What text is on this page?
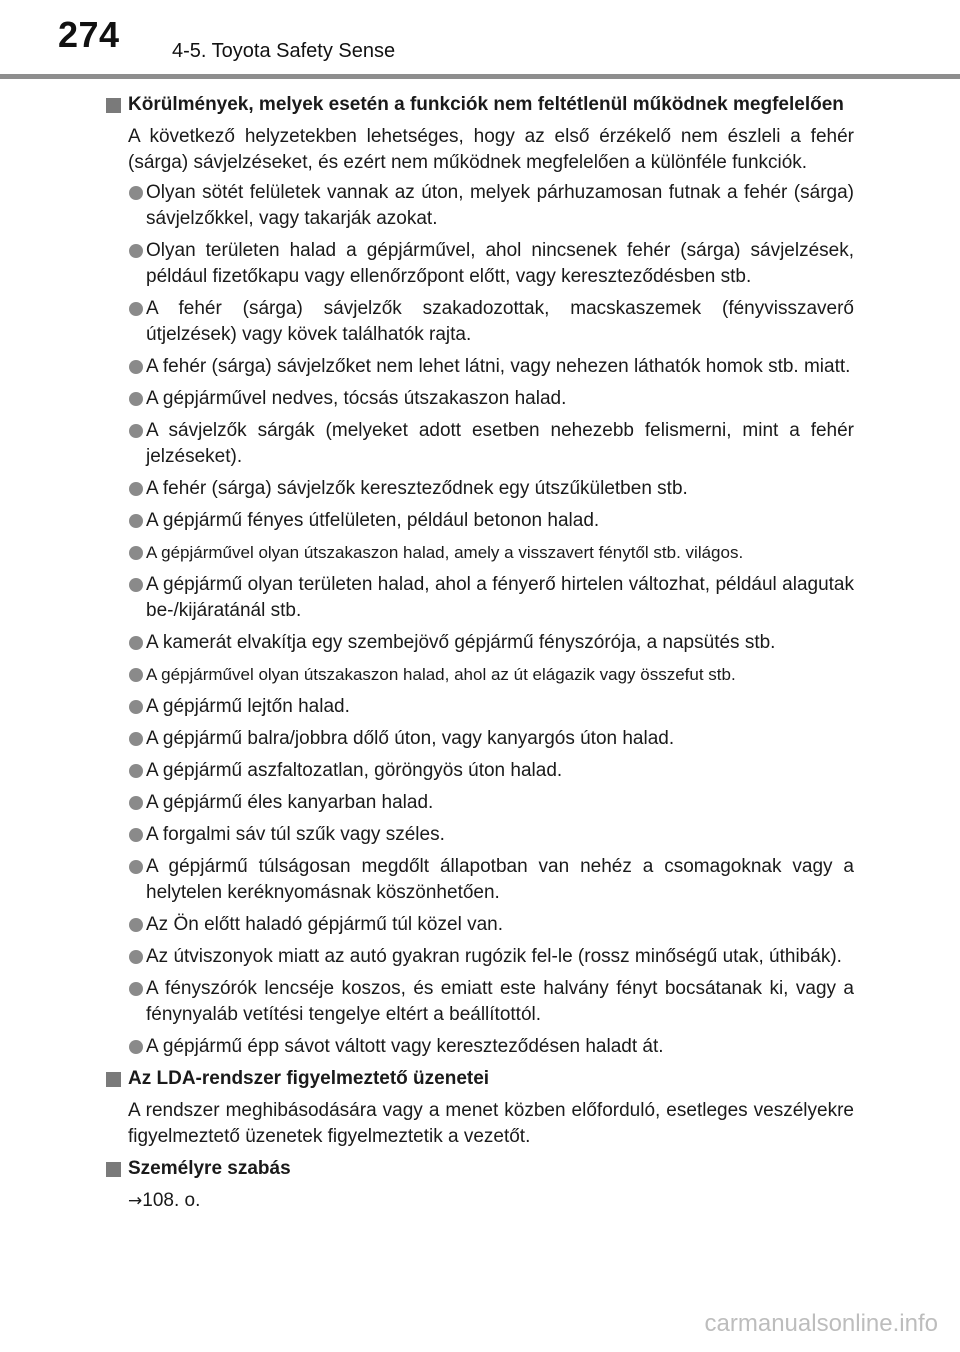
274	4-5. Toyota Safety Sense
Körülmények, melyek esetén a funkciók nem feltétlenül működnek megfelelően
A következő helyzetekben lehetséges, hogy az első érzékelő nem észleli a fehér (sárga) sávjelzéseket, és ezért nem működnek megfelelően a különféle funkciók.
Olyan sötét felületek vannak az úton, melyek párhuzamosan futnak a fehér (sárga) sávjelzőkkel, vagy takarják azokat.
Olyan területen halad a gépjárművel, ahol nincsenek fehér (sárga) sávjelzések, például fizetőkapu vagy ellenőrzőpont előtt, vagy kereszteződésben stb.
A fehér (sárga) sávjelzők szakadozottak, macskaszemek (fényvisszaverő útjelzések) vagy kövek találhatók rajta.
A fehér (sárga) sávjelzőket nem lehet látni, vagy nehezen láthatók homok stb. miatt.
A gépjárművel nedves, tócsás útszakaszon halad.
A sávjelzők sárgák (melyeket adott esetben nehezebb felismerni, mint a fehér jelzéseket).
A fehér (sárga) sávjelzők kereszteződnek egy útszűkületben stb.
A gépjármű fényes útfelületen, például betonon halad.
A gépjárművel olyan útszakaszon halad, amely a visszavert fénytől stb. világos.
A gépjármű olyan területen halad, ahol a fényerő hirtelen változhat, például alagutak be-/kijáratánál stb.
A kamerát elvakítja egy szembejövő gépjármű fényszórója, a napsütés stb.
A gépjárművel olyan útszakaszon halad, ahol az út elágazik vagy összefut stb.
A gépjármű lejtőn halad.
A gépjármű balra/jobbra dőlő úton, vagy kanyargós úton halad.
A gépjármű aszfaltozatlan, göröngyös úton halad.
A gépjármű éles kanyarban halad.
A forgalmi sáv túl szűk vagy széles.
A gépjármű túlságosan megdőlt állapotban van nehéz a csomagoknak vagy a helytelen keréknyomásnak köszönhetően.
Az Ön előtt haladó gépjármű túl közel van.
Az útviszonyok miatt az autó gyakran rugózik fel-le (rossz minőségű utak, úthibák).
A fényszórók lencséje koszos, és emiatt este halvány fényt bocsátanak ki, vagy a fénynyaláb vetítési tengelye eltért a beállítottól.
A gépjármű épp sávot váltott vagy kereszteződésen haladt át.
Az LDA-rendszer figyelmeztető üzenetei
A rendszer meghibásodására vagy a menet közben előforduló, esetleges veszélyekre figyelmeztető üzenetek figyelmeztetik a vezetőt.
Személyre szabás
→108. o.
carmanualsonline.info
